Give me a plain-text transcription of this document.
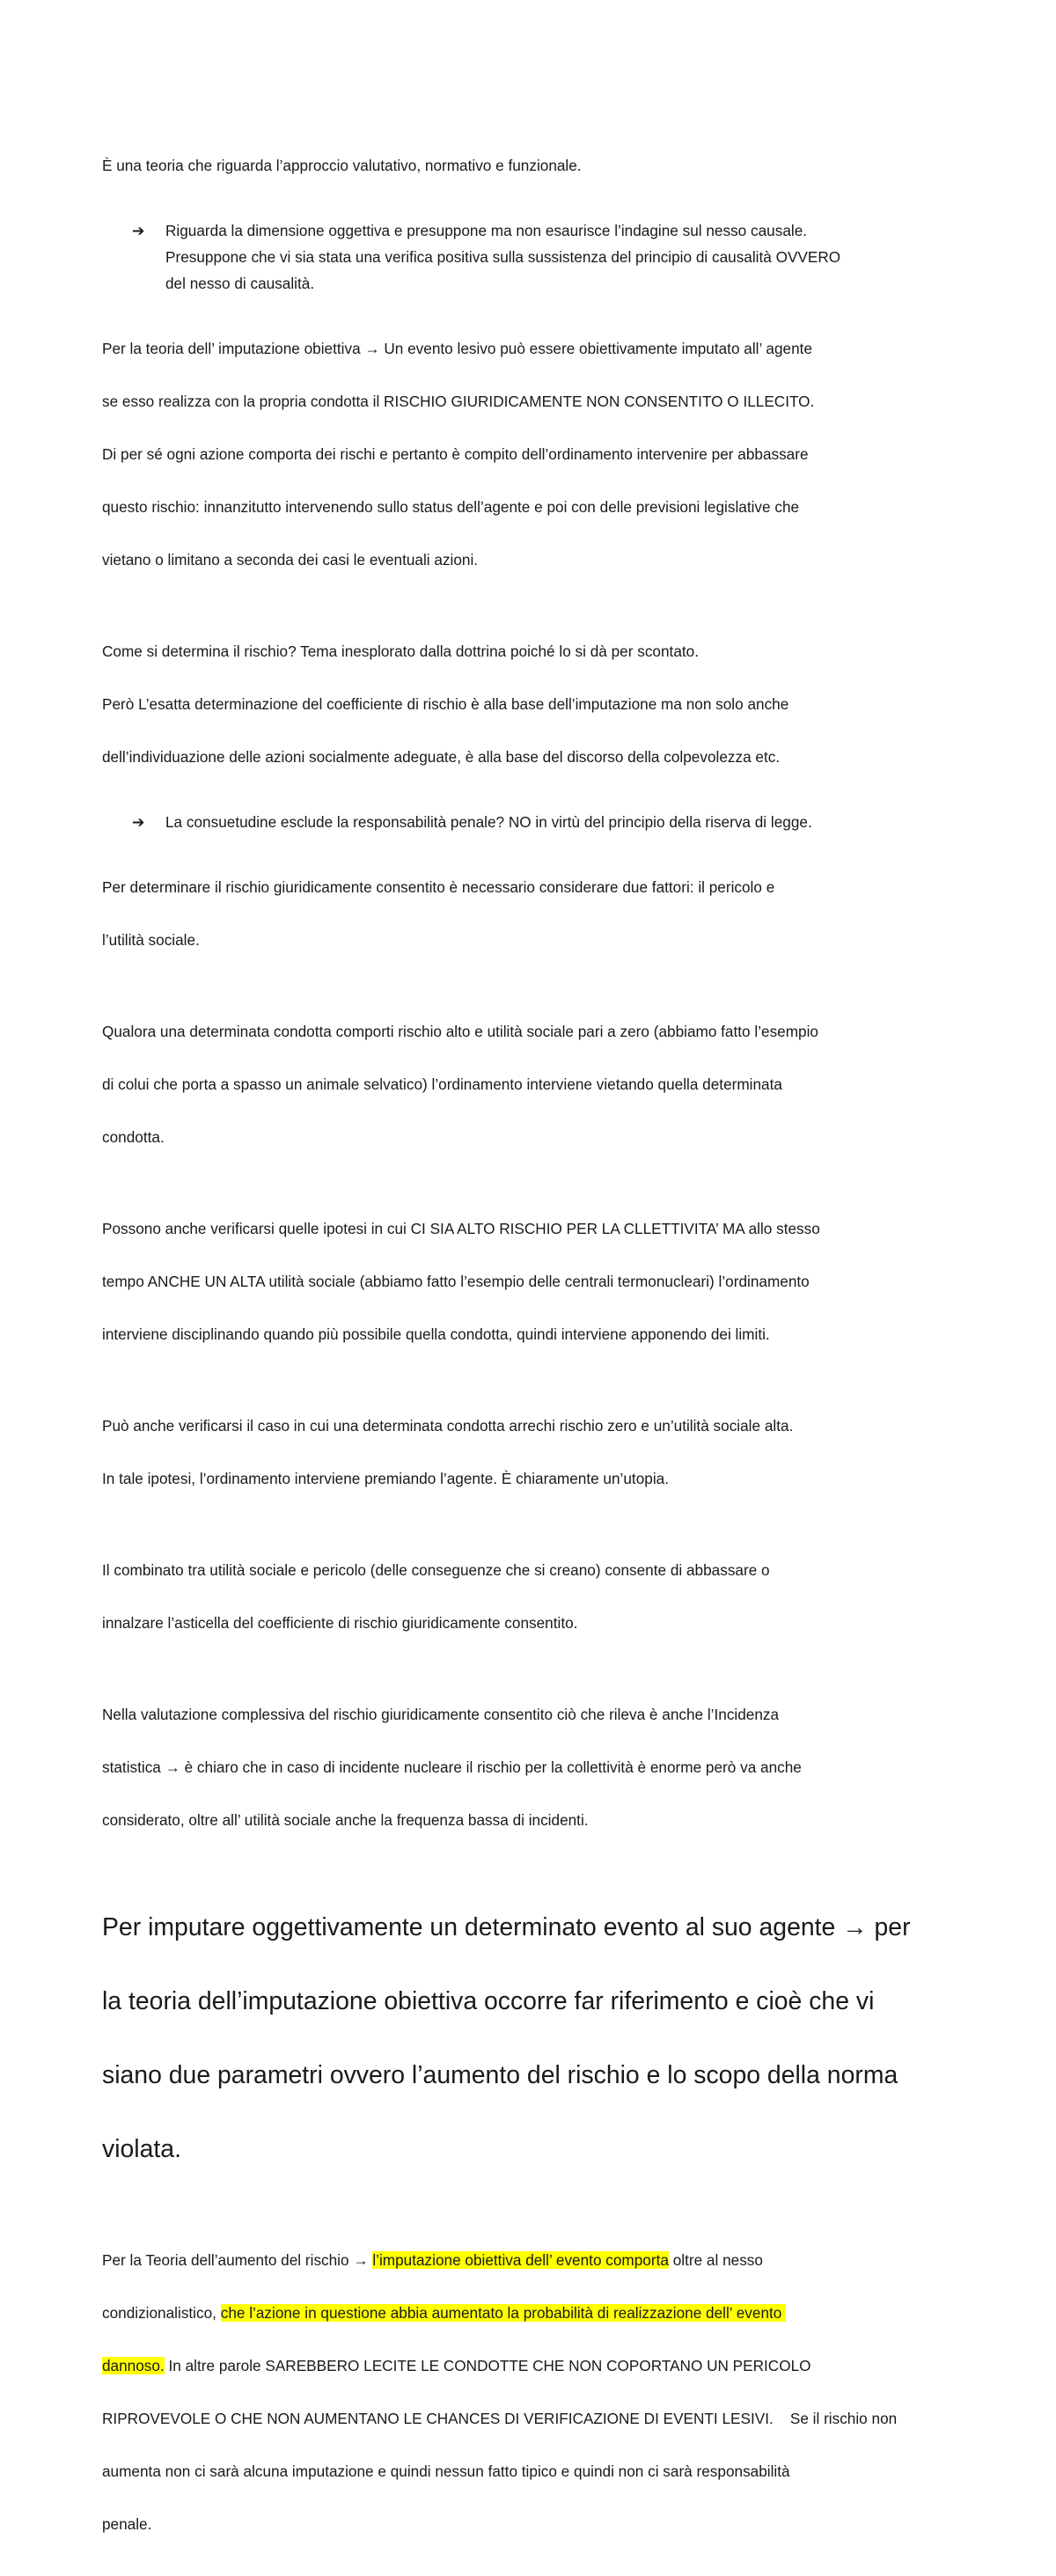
È una teoria che riguarda l’approccio valutativo, normativo e funzionale.

➔	Riguarda la dimensione oggettiva e presuppone ma non esaurisce l’indagine sul nesso causale.
Presuppone che vi sia stata una verifica positiva sulla sussistenza del principio di causalità OVVERO
del nesso di causalità.

Per la teoria dell’ imputazione obiettiva → Un evento lesivo può essere obiettivamente imputato all’ agente

se esso realizza con la propria condotta il RISCHIO GIURIDICAMENTE NON CONSENTITO O ILLECITO.

Di per sé ogni azione comporta dei rischi e pertanto è compito dell’ordinamento intervenire per abbassare

questo rischio: innanzitutto intervenendo sullo status dell’agente e poi con delle previsioni legislative che

vietano o limitano a seconda dei casi le eventuali azioni.

Come si determina il rischio? Tema inesplorato dalla dottrina poiché lo si dà per scontato.

Però L’esatta determinazione del coefficiente di rischio è alla base dell’imputazione ma non solo anche

dell’individuazione delle azioni socialmente adeguate, è alla base del discorso della colpevolezza etc.

➔	La consuetudine esclude la responsabilità penale? NO in virtù del principio della riserva di legge.

Per determinare il rischio giuridicamente consentito è necessario considerare due fattori: il pericolo e

l’utilità sociale.

Qualora una determinata condotta comporti rischio alto e utilità sociale pari a zero (abbiamo fatto l’esempio

di colui che porta a spasso un animale selvatico) l’ordinamento interviene vietando quella determinata

condotta.

Possono anche verificarsi quelle ipotesi in cui CI SIA ALTO RISCHIO PER LA CLLETTIVITA’ MA allo stesso

tempo ANCHE UN ALTA utilità sociale (abbiamo fatto l’esempio delle centrali termonucleari) l’ordinamento

interviene disciplinando quando più possibile quella condotta, quindi interviene apponendo dei limiti.

Può anche verificarsi il caso in cui una determinata condotta arrechi rischio zero e un’utilità sociale alta.

In tale ipotesi, l’ordinamento interviene premiando l’agente. È chiaramente un’utopia.

Il combinato tra utilità sociale e pericolo (delle conseguenze che si creano) consente di abbassare o

innalzare l’asticella del coefficiente di rischio giuridicamente consentito.

Nella valutazione complessiva del rischio giuridicamente consentito ciò che rileva è anche l’Incidenza

statistica → è chiaro che in caso di incidente nucleare il rischio per la collettività è enorme però va anche

considerato, oltre all’ utilità sociale anche la frequenza bassa di incidenti.

Per imputare oggettivamente un determinato evento al suo agente → per

la teoria dell’imputazione obiettiva occorre far riferimento e cioè che vi

siano due parametri ovvero l’aumento del rischio e lo scopo della norma

violata.

Per la Teoria dell’aumento del rischio → l’imputazione obiettiva dell’ evento comporta oltre al nesso

condizionalistico, che l’azione in questione abbia aumentato la probabilità di realizzazione dell’ evento

dannoso. In altre parole SAREBBERO LECITE LE CONDOTTE CHE NON COPORTANO UN PERICOLO

RIPROVEVOLE O CHE NON AUMENTANO LE CHANCES DI VERIFICAZIONE DI EVENTI LESIVI.    Se il rischio non

aumenta non ci sarà alcuna imputazione e quindi nessun fatto tipico e quindi non ci sarà responsabilità

penale.
